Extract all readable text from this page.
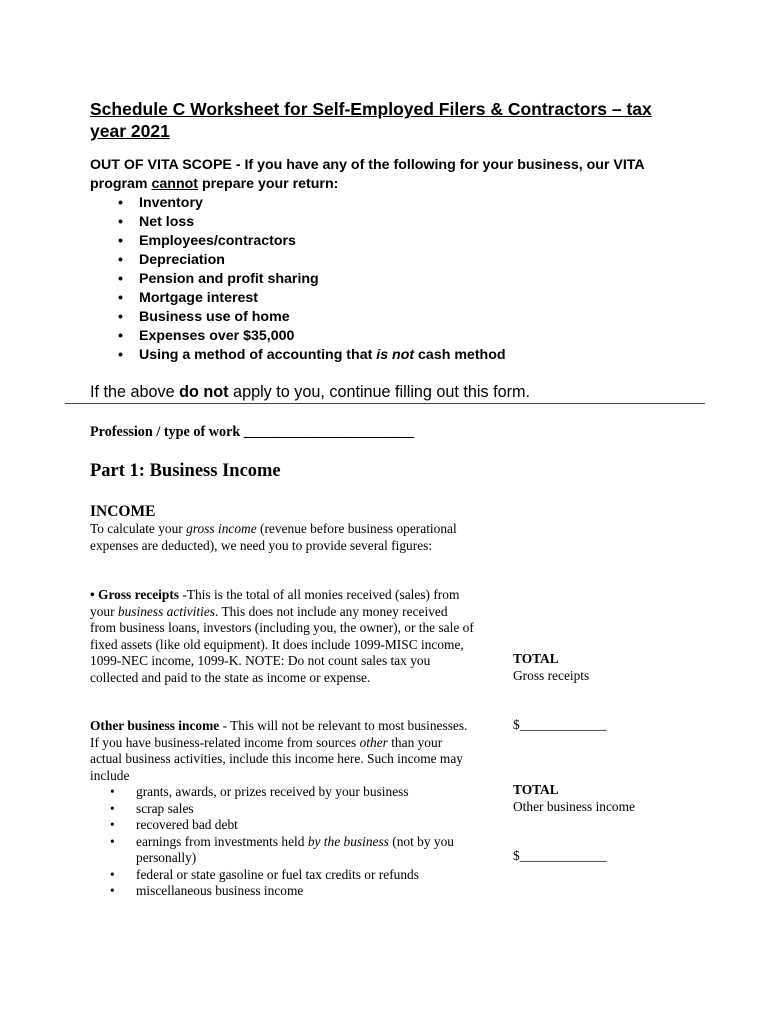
Schedule C Worksheet for Self-Employed Filers & Contractors – tax year 2021
OUT OF VITA SCOPE - If you have any of the following for your business, our VITA program cannot prepare your return:
• Inventory
• Net loss
• Employees/contractors
• Depreciation
• Pension and profit sharing
• Mortgage interest
• Business use of home
• Expenses over $35,000
• Using a method of accounting that is not cash method
If the above do not apply to you, continue filling out this form.
Profession / type of work ________________________
Part 1: Business Income
INCOME
To calculate your gross income (revenue before business operational expenses are deducted), we need you to provide several figures:
• Gross receipts -This is the total of all monies received (sales) from your business activities. This does not include any money received from business loans, investors (including you, the owner), or the sale of fixed assets (like old equipment). It does include 1099-MISC income, 1099-NEC income, 1099-K. NOTE: Do not count sales tax you collected and paid to the state as income or expense.
Other business income - This will not be relevant to most businesses. If you have business-related income from sources other than your actual business activities, include this income here. Such income may include
• grants, awards, or prizes received by your business
• scrap sales
• recovered bad debt
• earnings from investments held by the business (not by you personally)
• federal or state gasoline or fuel tax credits or refunds
• miscellaneous business income
TOTAL
Gross receipts
$_____________
TOTAL
Other business income
$_____________
